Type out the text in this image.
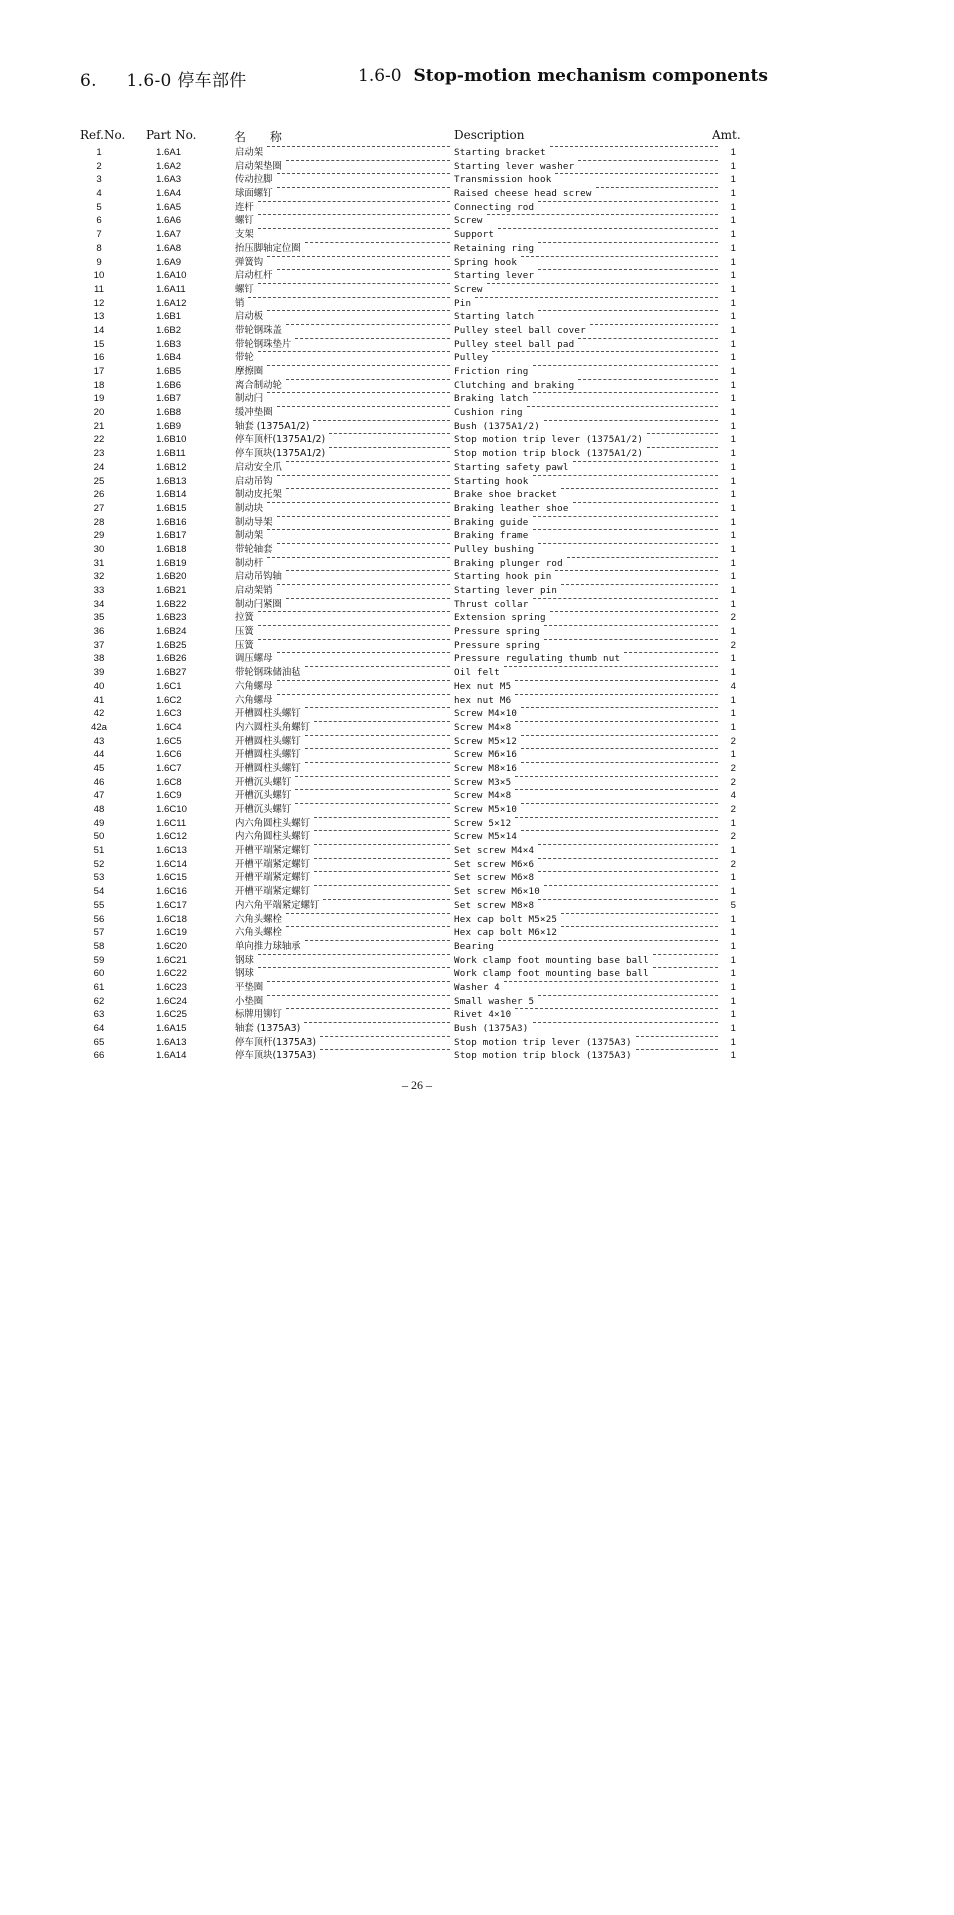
6. 1.6-0 停车部件	1.6-0 Stop-motion mechanism components
Ref.No. Part No.	名 称	Description	Amt.
1	1.6A1	启动架	Starting bracket	1
2	1.6A2	启动架垫圈	Starting lever washer	1
3	1.6A3	传动拉脚	Transmission hook	1
4	1.6A4	球面螺钉	Raised cheese head screw	1
5	1.6A5	连杆	Connecting rod	1
6	1.6A6	螺钉	Screw	1
7	1.6A7	支架	Support	1
8	1.6A8	抬压脚轴定位圈	Retaining ring	1
9	1.6A9	弹簧钩	Spring hook	1
10	1.6A10	启动杠杆	Starting lever	1
11	1.6A11	螺钉	Screw	1
12	1.6A12	销	Pin	1
13	1.6B1	启动板	Starting latch	1
14	1.6B2	带轮钢珠盖	Pulley steel ball cover	1
15	1.6B3	带轮钢珠垫片	Pulley steel ball pad	1
16	1.6B4	带轮	Pulley	1
17	1.6B5	摩擦圈	Friction ring	1
18	1.6B6	离合制动轮	Clutching and braking	1
19	1.6B7	制动闩	Braking latch	1
20	1.6B8	缓冲垫圈	Cushion ring	1
21	1.6B9	轴套 (1375A1/2)	Bush (1375A1/2)	1
22	1.6B10	停车顶杆(1375A1/2)	Stop motion trip lever (1375A1/2)	1
23	1.6B11	停车顶块(1375A1/2)	Stop motion trip block (1375A1/2)	1
24	1.6B12	启动安全爪	Starting safety pawl	1
25	1.6B13	启动吊钩	Starting hook	1
26	1.6B14	制动皮托架	Brake shoe bracket	1
27	1.6B15	制动块	Braking leather shoe	1
28	1.6B16	制动导架	Braking guide	1
29	1.6B17	制动架	Braking frame	1
30	1.6B18	带轮轴套	Pulley bushing	1
31	1.6B19	制动杆	Braking plunger rod	1
32	1.6B20	启动吊钩轴	Starting hook pin	1
33	1.6B21	启动架销	Starting lever pin	1
34	1.6B22	制动闩紧圈	Thrust collar	1
35	1.6B23	拉簧	Extension spring	2
36	1.6B24	压簧	Pressure spring	1
37	1.6B25	压簧	Pressure spring	2
38	1.6B26	调压螺母	Pressure regulating thumb nut	1
39	1.6B27	带轮钢珠储油毡	Oil felt	1
40	1.6C1	六角螺母	Hex nut M5	4
41	1.6C2	六角螺母	hex nut M6	1
42	1.6C3	开槽圆柱头螺钉	Screw M4×10	1
42a	1.6C4	内六圆柱头角螺钉	Screw M4×8	1
43	1.6C5	开槽圆柱头螺钉	Screw M5×12	2
44	1.6C6	开槽圆柱头螺钉	Screw M6×16	1
45	1.6C7	开槽圆柱头螺钉	Screw M8×16	2
46	1.6C8	开槽沉头螺钉	Screw M3×5	2
47	1.6C9	开槽沉头螺钉	Screw M4×8	4
48	1.6C10	开槽沉头螺钉	Screw M5×10	2
49	1.6C11	内六角圆柱头螺钉	Screw 5×12	1
50	1.6C12	内六角圆柱头螺钉	Screw M5×14	2
51	1.6C13	开槽平端紧定螺钉	Set screw M4×4	1
52	1.6C14	开槽平端紧定螺钉	Set screw M6×6	2
53	1.6C15	开槽平端紧定螺钉	Set screw M6×8	1
54	1.6C16	开槽平端紧定螺钉	Set screw M6×10	1
55	1.6C17	内六角平端紧定螺钉	Set screw M8×8	5
56	1.6C18	六角头螺栓	Hex cap bolt M5×25	1
57	1.6C19	六角头螺栓	Hex cap bolt M6×12	1
58	1.6C20	单向推力球轴承	Bearing	1
59	1.6C21	钢球	Work clamp foot mounting base ball	1
60	1.6C22	钢球	Work clamp foot mounting base ball	1
61	1.6C23	平垫圈	Washer 4	1
62	1.6C24	小垫圈	Small washer 5	1
63	1.6C25	标牌用铆钉	Rivet 4×10	1
64	1.6A15	轴套 (1375A3)	Bush (1375A3)	1
65	1.6A13	停车顶杆(1375A3)	Stop motion trip lever (1375A3)	1
66	1.6A14	停车顶块(1375A3)	Stop motion trip block (1375A3)	1
– 26 –
